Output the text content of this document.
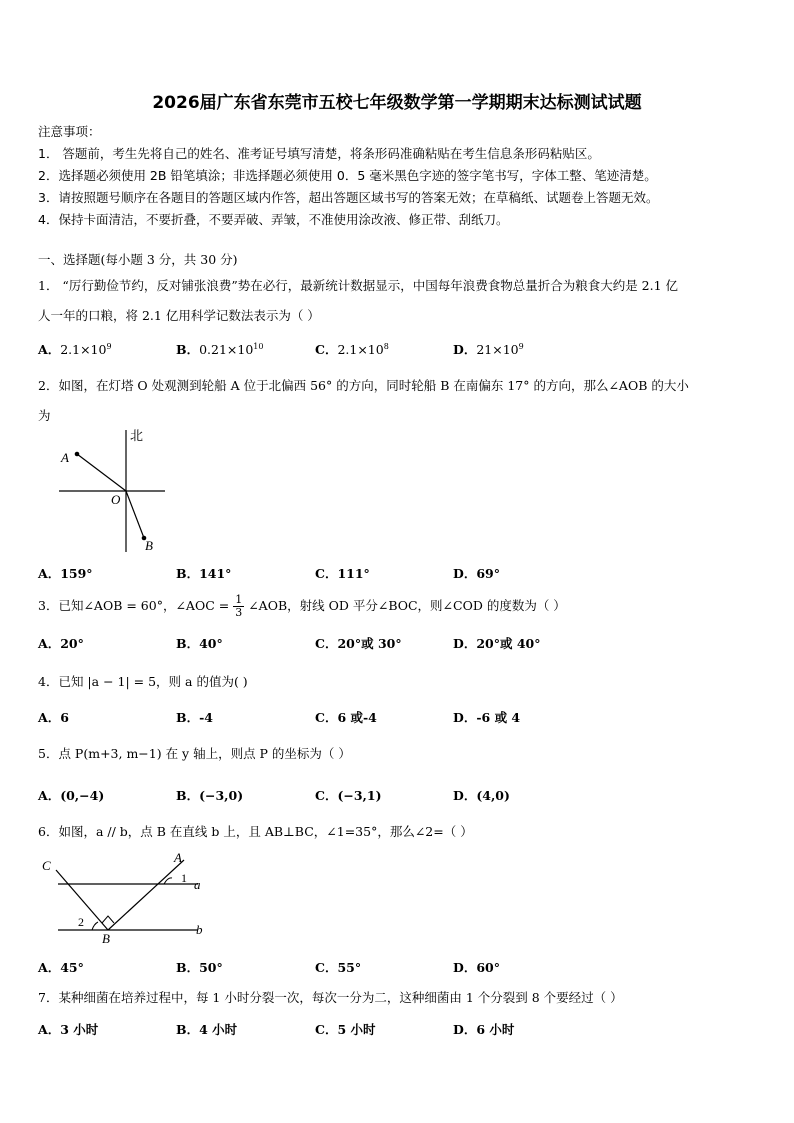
2026届广东省东莞市五校七年级数学第一学期期末达标测试试题
注意事项：
1． 答题前，考生先将自己的姓名、准考证号填写清楚，将条形码准确粘贴在考生信息条形码粘贴区。
2．选择题必须使用 2B 铅笔填涂；非选择题必须使用 0．5 毫米黑色字迹的签字笔书写，字体工整、笔迹清楚。
3．请按照题号顺序在各题目的答题区域内作答，超出答题区域书写的答案无效；在草稿纸、试题卷上答题无效。
4．保持卡面清洁，不要折叠，不要弄破、弄皱，不准使用涂改液、修正带、刮纸刀。
一、选择题(每小题 3 分，共 30 分)
1． “厉行勤俭节约，反对铺张浪费”势在必行，最新统计数据显示，中国每年浪费食物总量折合为粮食大约是 2.1 亿
人一年的口粮，将 2.1 亿用科学记数法表示为（ ）
A．$2.1\times 10^9$	B．$0.21\times 10^{10}$	C．$2.1\times 10^8$	D．$21\times 10^9$
2．如图，在灯塔 O 处观测到轮船 A 位于北偏西 56° 的方向，同时轮船 B 在南偏东 17° 的方向，那么∠AOB 的大小
为
北
A
O
B
A．159°	B．141°	C．111°	D．69°
3．已知∠AOB = 60°，∠AOC = $\frac{1}{3}$ ∠AOB，射线 OD 平分∠BOC，则∠COD 的度数为（ ）
A．20°	B．40°	C．20°或 30°	D．20°或 40°
4．已知 |a − 1| = 5，则 a 的值为( )
A．6	B．-4	C．6 或-4	D．-6 或 4
5．点 P(m+3, m−1) 在 y 轴上，则点 P 的坐标为（ ）
A．(0,−4)	B．(−3,0)	C．(−3,1)	D．(4,0)
6．如图，a // b，点 B 在直线 b 上，且 AB⊥BC，∠1=35°，那么∠2=（ ）
C
A
1 a
2
B
b
A．45°	B．50°	C．55°	D．60°
7．某种细菌在培养过程中，每 1 小时分裂一次，每次一分为二，这种细菌由 1 个分裂到 8 个要经过（ ）
A．3 小时	B．4 小时	C．5 小时	D．6 小时
